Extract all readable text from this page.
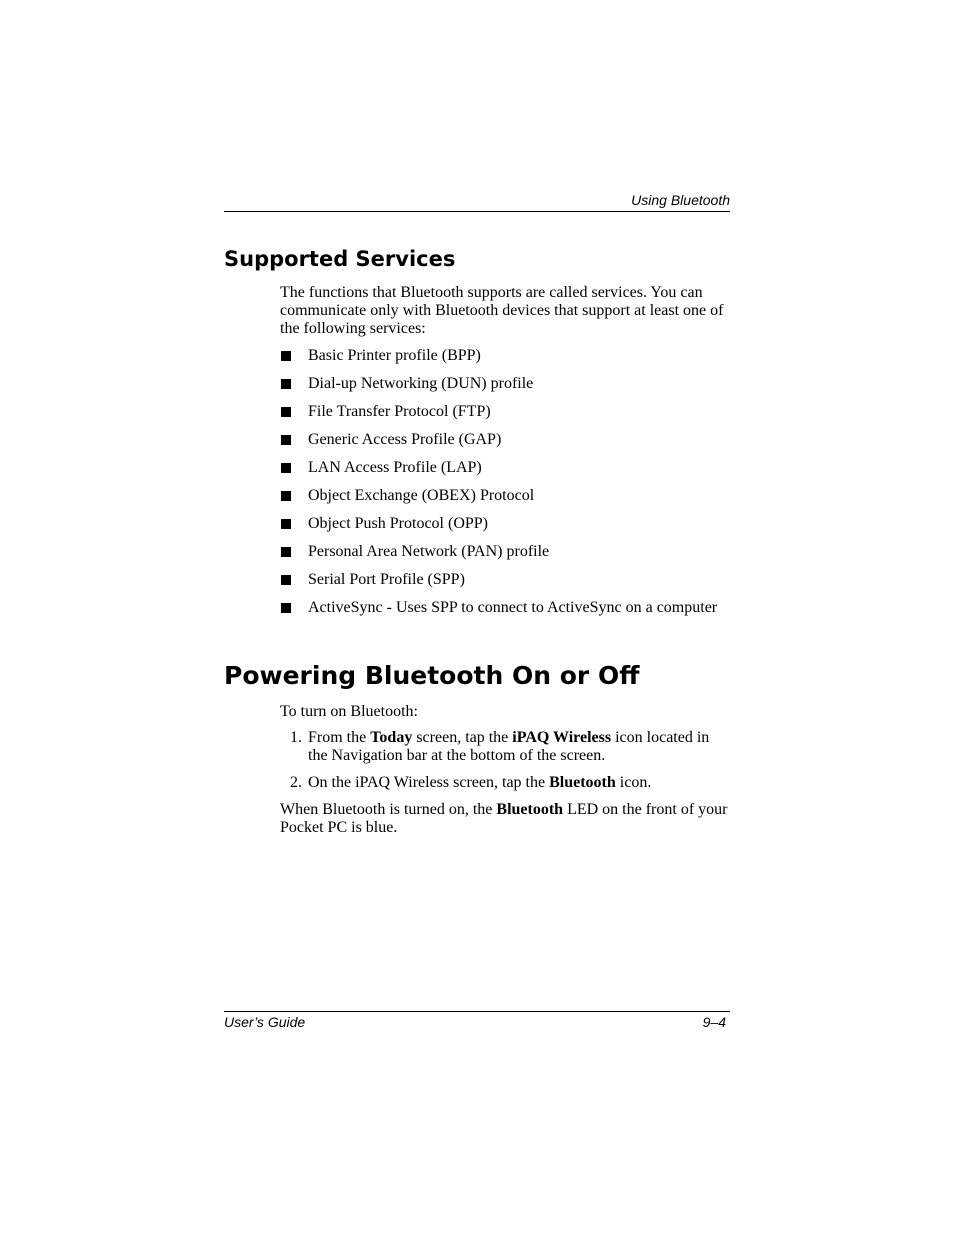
Using Bluetooth
Supported Services

The functions that Bluetooth supports are called services. You can communicate only with Bluetooth devices that support at least one of the following services:

Basic Printer profile (BPP)
Dial-up Networking (DUN) profile
File Transfer Protocol (FTP)
Generic Access Profile (GAP)
LAN Access Profile (LAP)
Object Exchange (OBEX) Protocol
Object Push Protocol (OPP)
Personal Area Network (PAN) profile
Serial Port Profile (SPP)
ActiveSync - Uses SPP to connect to ActiveSync on a computer
Powering Bluetooth On or Off

To turn on Bluetooth:

1. From the Today screen, tap the iPAQ Wireless icon located in the Navigation bar at the bottom of the screen.
2. On the iPAQ Wireless screen, tap the Bluetooth icon.

When Bluetooth is turned on, the Bluetooth LED on the front of your Pocket PC is blue.

User’s Guide	9–4
